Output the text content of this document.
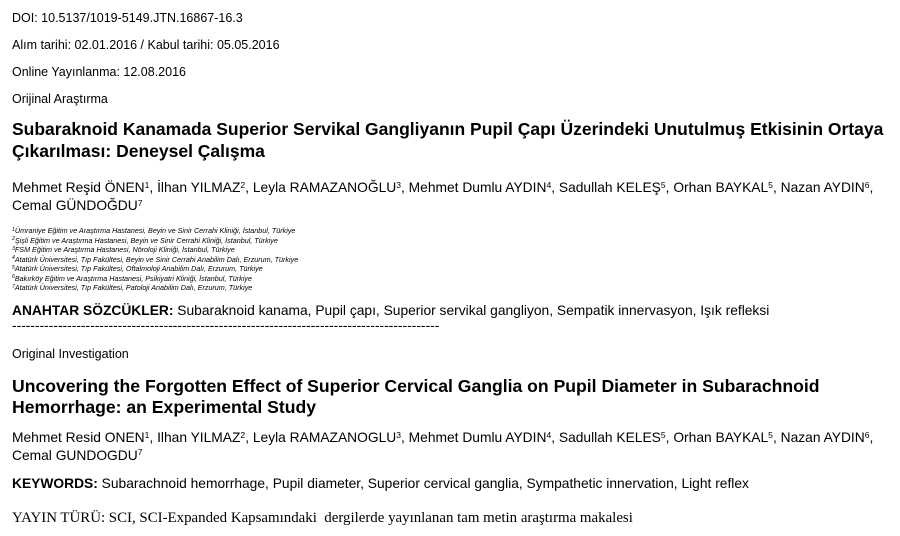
DOI: 10.5137/1019-5149.JTN.16867-16.3
Alım tarihi: 02.01.2016 / Kabul tarihi: 05.05.2016
Online Yayınlanma: 12.08.2016
Orijinal Araştırma
Subaraknoid Kanamada Superior Servikal Gangliyanın Pupil Çapı Üzerindeki Unutulmuş Etkisinin Ortaya
Çıkarılması: Deneysel Çalışma
Mehmet Reşid ÖNEN$^1$, İlhan YILMAZ$^2$, Leyla RAMAZANOĞLU$^3$, Mehmet Dumlu AYDIN$^4$, Sadullah KELEŞ$^5$, Orhan BAYKAL$^5$, Nazan AYDIN$^6$, Cemal GÜNDOĞDU$^7$
$^1$Ümraniye Eğitim ve Araştırma Hastanesi, Beyin ve Sinir Cerrahi Kliniği, İstanbul, Türkiye
$^2$Şişli Eğitim ve Araştırma Hastanesi, Beyin ve Sinir Cerrahi Kliniği, İstanbul, Türkiye
$^3$FSM Eğitim ve Araştırma Hastanesi, Nöroloji Kliniği, İstanbul, Türkiye
$^4$Atatürk Üniversitesi, Tıp Fakültesi, Beyin ve Sinir Cerrahi Anabilim Dalı, Erzurum, Türkiye
$^5$Atatürk Üniversitesi, Tıp Fakültesi, Oftalmoloji Anabilim Dalı, Erzurum, Türkiye
$^6$Bakırköy Eğitim ve Araştırma Hastanesi, Psikiyatri Kliniği, İstanbul, Türkiye
$^7$Atatürk Üniversitesi, Tıp Fakültesi, Patoloji Anabilim Dalı, Erzurum, Türkiye
ANAHTAR SÖZCÜKLER: Subaraknoid kanama, Pupil çapı, Superior servikal gangliyon, Sempatik innervasyon, Işık refleksi
---------------------------------------------------------------------------------------------
Original Investigation
Uncovering the Forgotten Effect of Superior Cervical Ganglia on Pupil Diameter in Subarachnoid
Hemorrhage: an Experimental Study
Mehmet Resid ONEN$^1$, Ilhan YILMAZ$^2$, Leyla RAMAZANOGLU$^3$, Mehmet Dumlu AYDIN$^4$, Sadullah KELES$^5$, Orhan BAYKAL$^5$, Nazan AYDIN$^6$, Cemal GUNDOGDU$^7$
KEYWORDS: Subarachnoid hemorrhage, Pupil diameter, Superior cervical ganglia, Sympathetic innervation, Light reflex
YAYIN TÜRÜ: SCI, SCI-Expanded Kapsamındaki  dergilerde yayınlanan tam metin araştırma makalesi
